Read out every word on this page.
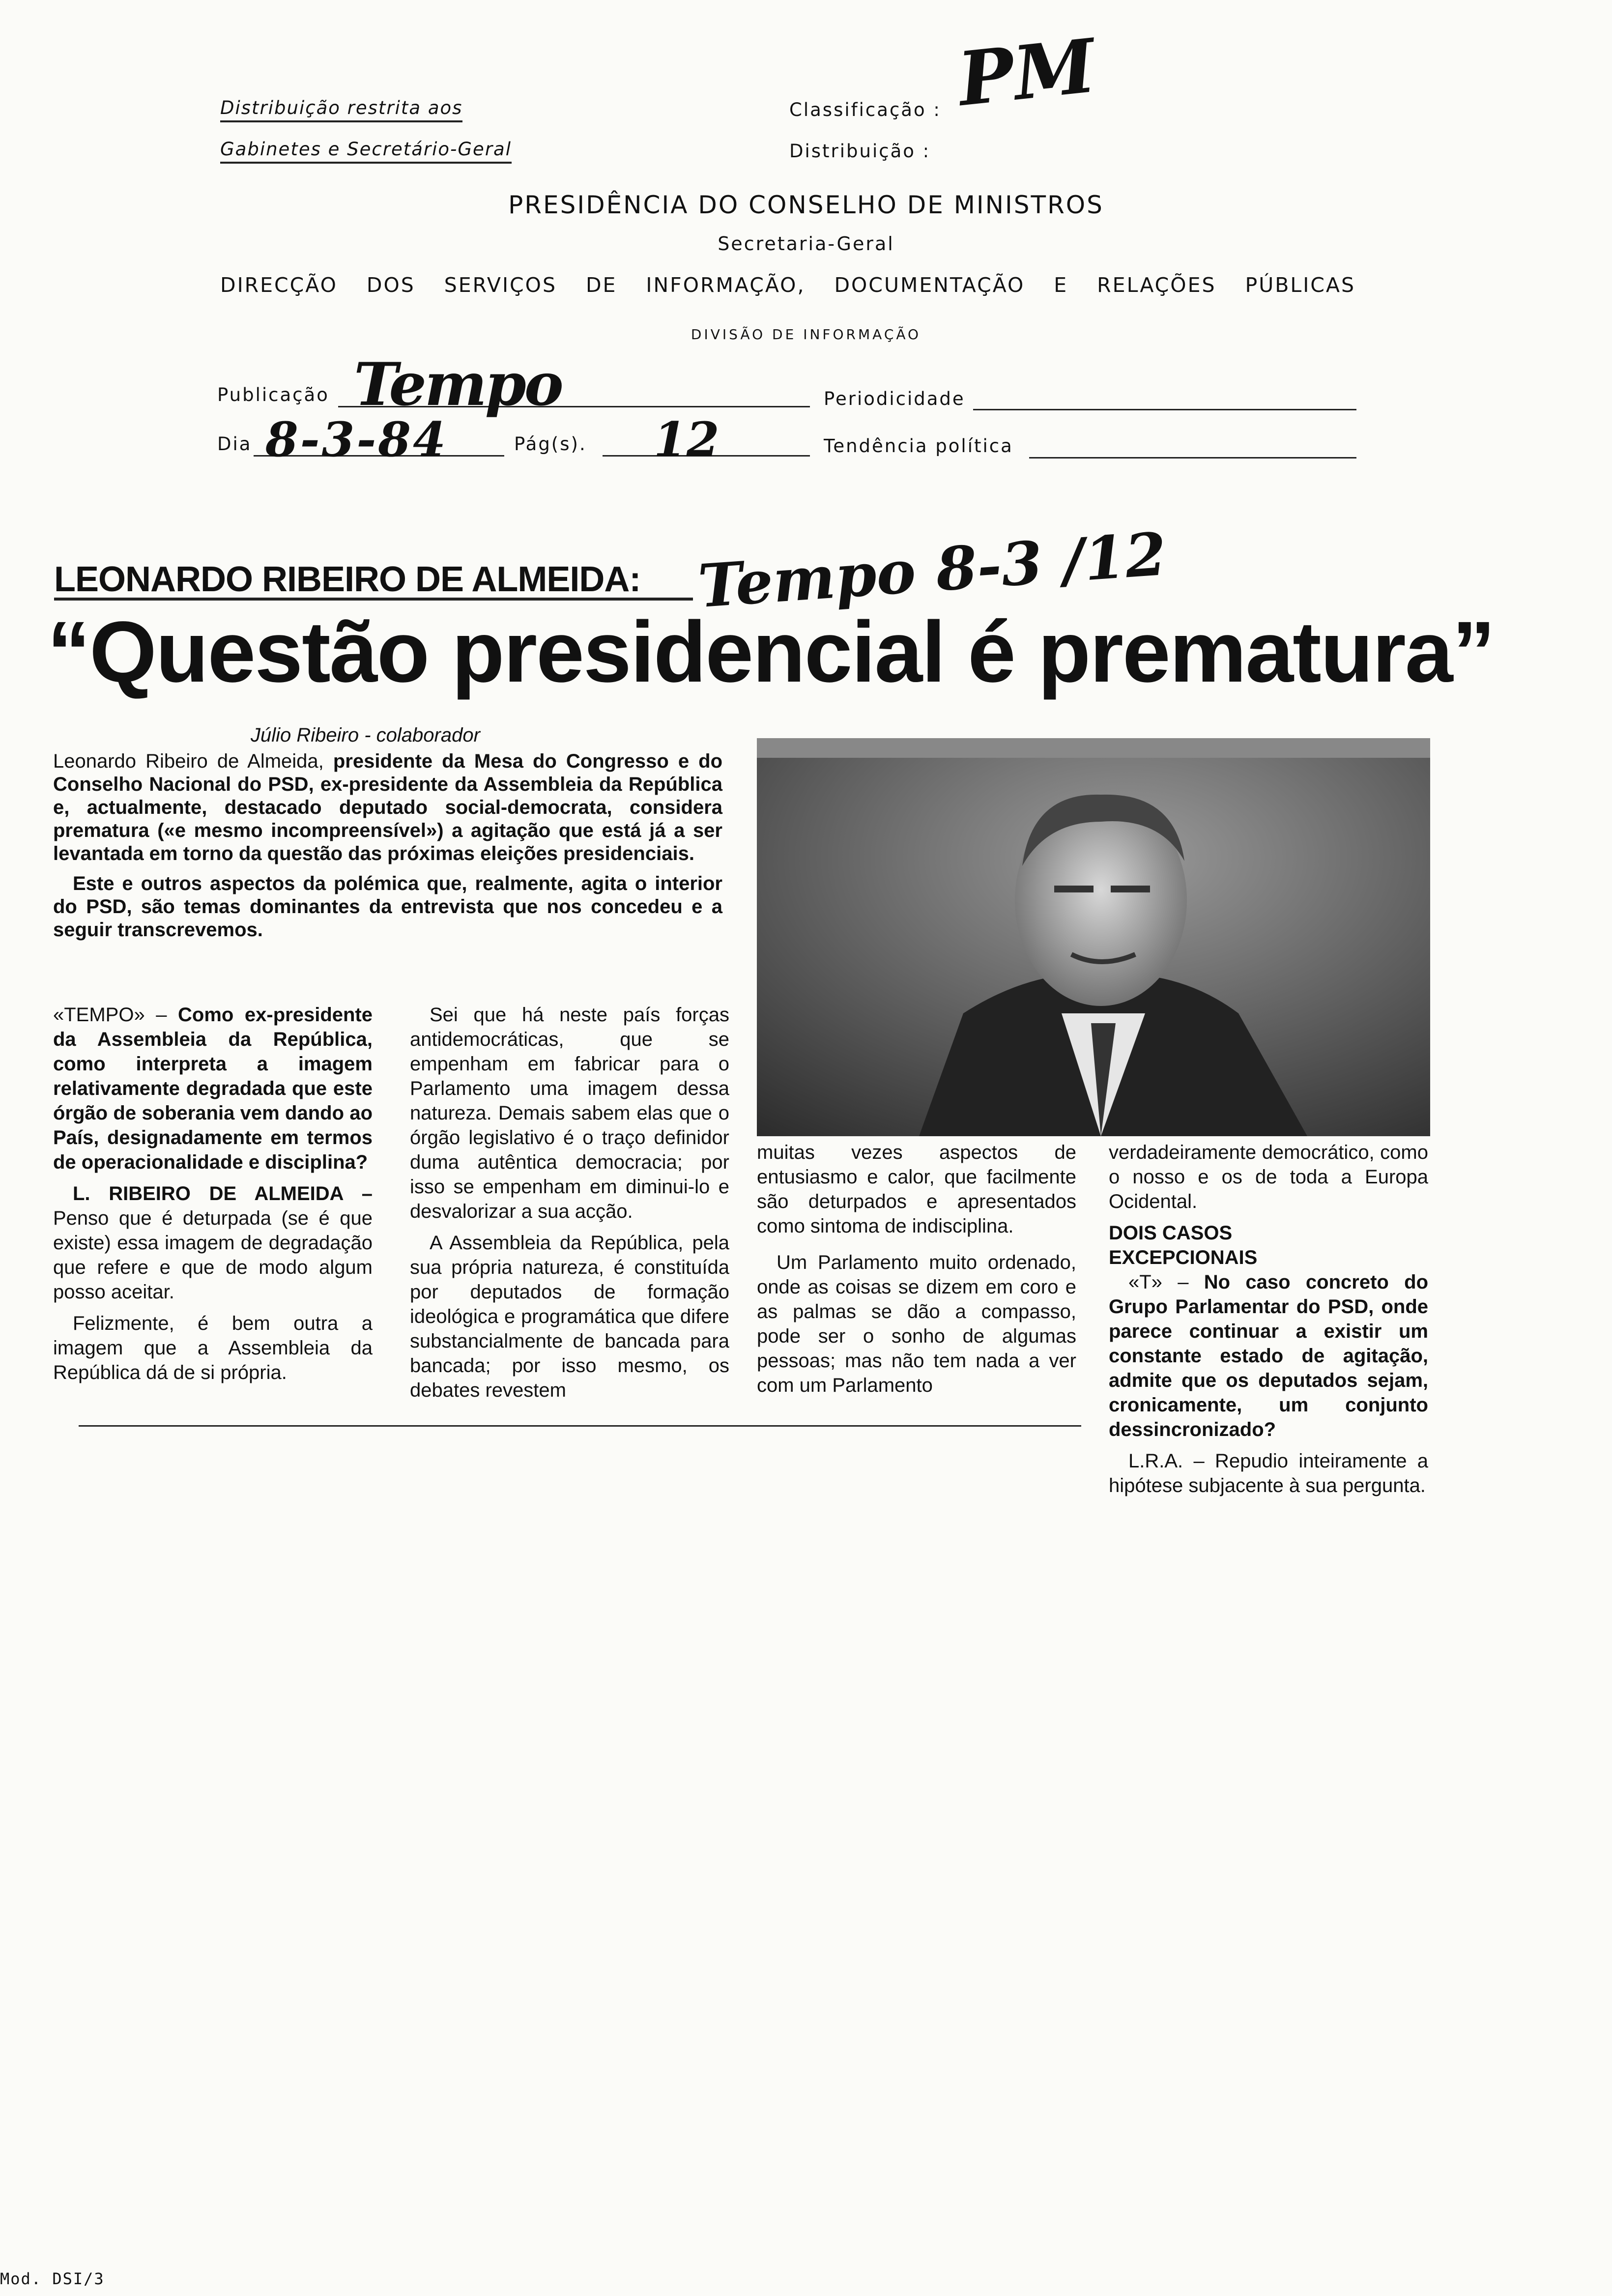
Distribuição restrita aos
Gabinetes e Secretário-Geral
Classificação : PM
Distribuição :
PRESIDÊNCIA DO CONSELHO DE MINISTROS
Secretaria-Geral
DIRECÇÃO DOS SERVIÇOS DE INFORMAÇÃO, DOCUMENTAÇÃO E RELAÇÕES PÚBLICAS
DIVISÃO DE INFORMAÇÃO
Publicação Tempo	Periodicidade
Dia 8-3-84	Pág(s). 12	Tendência política
LEONARDO RIBEIRO DE ALMEIDA: Tempo 8-3 /12
“Questão presidencial é prematura”
Júlio Ribeiro - colaborador

Leonardo Ribeiro de Almeida, presidente da Mesa do Congresso e do Conselho Nacional do PSD, ex-presidente da Assembleia da República e, actualmente, destacado deputado social-democrata, considera prematura («e mesmo incompreensível») a agitação que está já a ser levantada em torno da questão das próximas eleições presidenciais.

Este e outros aspectos da polémica que, realmente, agita o interior do PSD, são temas dominantes da entrevista que nos concedeu e a seguir transcrevemos.

«TEMPO» – Como ex-presidente da Assembleia da República, como interpreta a imagem relativamente degradada que este órgão de soberania vem dando ao País, designadamente em termos de operacionalidade e disciplina?

L. RIBEIRO DE ALMEIDA – Penso que é deturpada (se é que existe) essa imagem de degradação que refere e que de modo algum posso aceitar.

Felizmente, é bem outra a imagem que a Assembleia da República dá de si própria.

Sei que há neste país forças antidemocráticas, que se empenham em fabricar para o Parlamento uma imagem dessa natureza. Demais sabem elas que o órgão legislativo é o traço definidor duma autêntica democracia; por isso se empenham em diminui-lo e desvalorizar a sua acção.

A Assembleia da República, pela sua própria natureza, é constituída por deputados de formação ideológica e programática que difere substancialmente de bancada para bancada; por isso mesmo, os debates revestem

muitas vezes aspectos de entusiasmo e calor, que facilmente são deturpados e apresentados como sintoma de indisciplina.

Um Parlamento muito ordenado, onde as coisas se dizem em coro e as palmas se dão a compasso, pode ser o sonho de algumas pessoas; mas não tem nada a ver com um Parlamento

verdadeiramente democrático, como o nosso e os de toda a Europa Ocidental.

DOIS CASOS EXCEPCIONAIS

«T» – No caso concreto do Grupo Parlamentar do PSD, onde parece continuar a existir um constante estado de agitação, admite que os deputados sejam, cronicamente, um conjunto dessincronizado?

L.R.A. – Repudio inteiramente a hipótese subjacente à sua pergunta.

Mod. DSI/3
